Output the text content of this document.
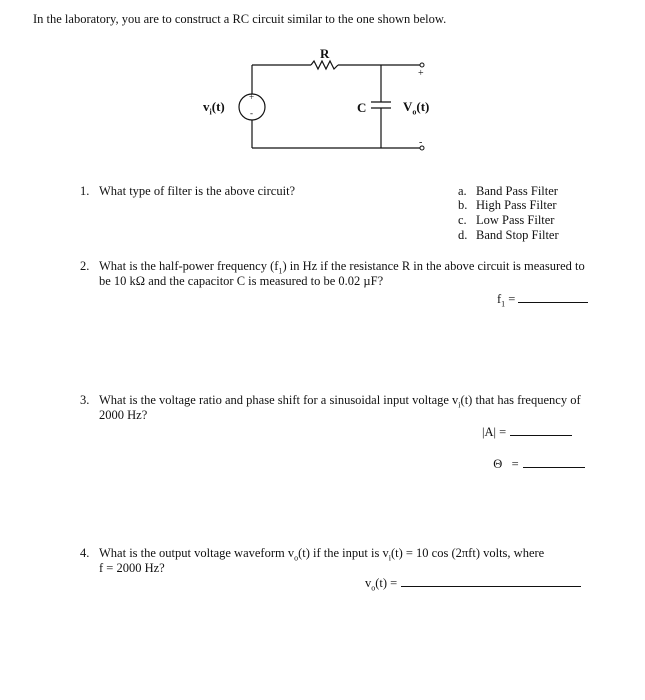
In the laboratory, you are to construct a RC circuit similar to the one shown below.
R
C
$v_i(t)$	$V_o(t)$
+
-
+
-
1. What type of filter is the above circuit?	a. Band Pass Filter
b. High Pass Filter
c. Low Pass Filter
d. Band Stop Filter
2. What is the half-power frequency $(f_1)$ in Hz if the resistance R in the above circuit is measured to
be 10 kΩ and the capacitor C is measured to be 0.02 µF?
$f_1$ =
3. What is the voltage ratio and phase shift for a sinusoidal input voltage $v_i(t)$ that has frequency of
2000 Hz?
|A| =

Θ   =

4. What is the output voltage waveform $v_o(t)$ if the input is $v_i(t) = 10$ cos (2πft) volts, where
f = 2000 Hz?
$v_o(t)$ =
